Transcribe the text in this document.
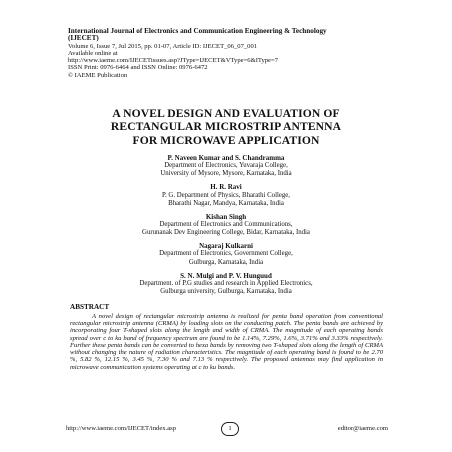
International Journal of Electronics and Communication Engineering & Technology
(IJECET)
Volume 6, Issue 7, Jul 2015, pp. 01-07, Article ID: IJECET_06_07_001
Available online at
http://www.iaeme.com/IJECETissues.asp?JType=IJECET&VType=6&IType=7
ISSN Print: 0976-6464 and ISSN Online: 0976-6472
© IAEME Publication
A NOVEL DESIGN AND EVALUATION OF
RECTANGULAR MICROSTRIP ANTENNA
FOR MICROWAVE APPLICATION
P. Naveen Kumar and S. Chandramma
Department of Electronics, Yuvaraja College,
University of Mysore, Mysore, Karnataka, India
H. R. Ravi
P. G. Department of Physics, Bharathi College,
Bharathi Nagar, Mandya, Karnataka, India
Kishan Singh
Department of Electronics and Communications,
Gurunanak Dev Engineering College, Bidar, Karnataka, India
Nagaraj Kulkarni
Department of Electronics, Government College,
Gulburga, Karnataka, India
S. N. Mulgi and P. V. Hunguud
Department. of P.G studies and research in Applied Electronics,
Gulburga university, Gulburga, Karnataka, India
ABSTRACT
A novel design of rectangular microstrip antenna is realized for penta band operation from conventional rectangular microstrip antenna (CRMA) by loading slots on the conducting patch. The penta bands are achieved by incorporating four T-shaped slots along the length and width of CRMA. The magnitude of each operating bands spread over c to ku band of frequency spectrum are found to be 1.14%, 7.29%, 1.6%, 3.71% and 3.33% respectively. Further these penta bands can be converted to hexa bands by removing two T-shaped slots along the length of CRMA without changing the nature of radiation characteristics. The magnitude of each operating band is found to be 2.70 %, 5.82 %, 12.15 %, 3.45 %, 7.30 % and 7.13 % respectively. The proposed antennas may find application in microwave communication systems operating at c to ku bands.
http://www.iaeme.com/IJECET/index.asp	1	editor@iaeme.com
